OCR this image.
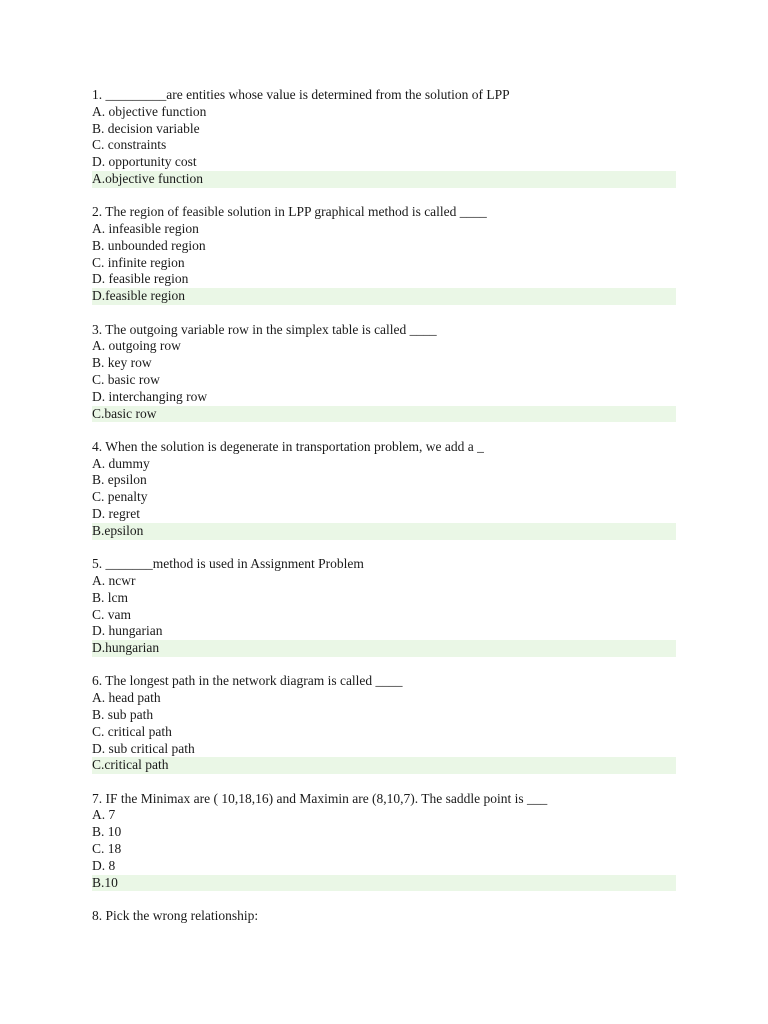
1. _________are entities whose value is determined from the solution of LPP
A. objective function
B. decision variable
C. constraints
D. opportunity cost
A.objective function
2. The region of feasible solution in LPP graphical method is called ____
A. infeasible region
B. unbounded region
C. infinite region
D. feasible region
D.feasible region
3. The outgoing variable row in the simplex table is called ____
A. outgoing row
B. key row
C. basic row
D. interchanging row
C.basic row
4. When the solution is degenerate in transportation problem, we add a _
A. dummy
B. epsilon
C. penalty
D. regret
B.epsilon
5. _______method is used in Assignment Problem
A. ncwr
B. lcm
C. vam
D. hungarian
D.hungarian
6. The longest path in the network diagram is called ____
A. head path
B. sub path
C. critical path
D. sub critical path
C.critical path
7. IF the Minimax are ( 10,18,16) and Maximin are (8,10,7). The saddle point is ___
A. 7
B. 10
C. 18
D. 8
B.10
8. Pick the wrong relationship:
